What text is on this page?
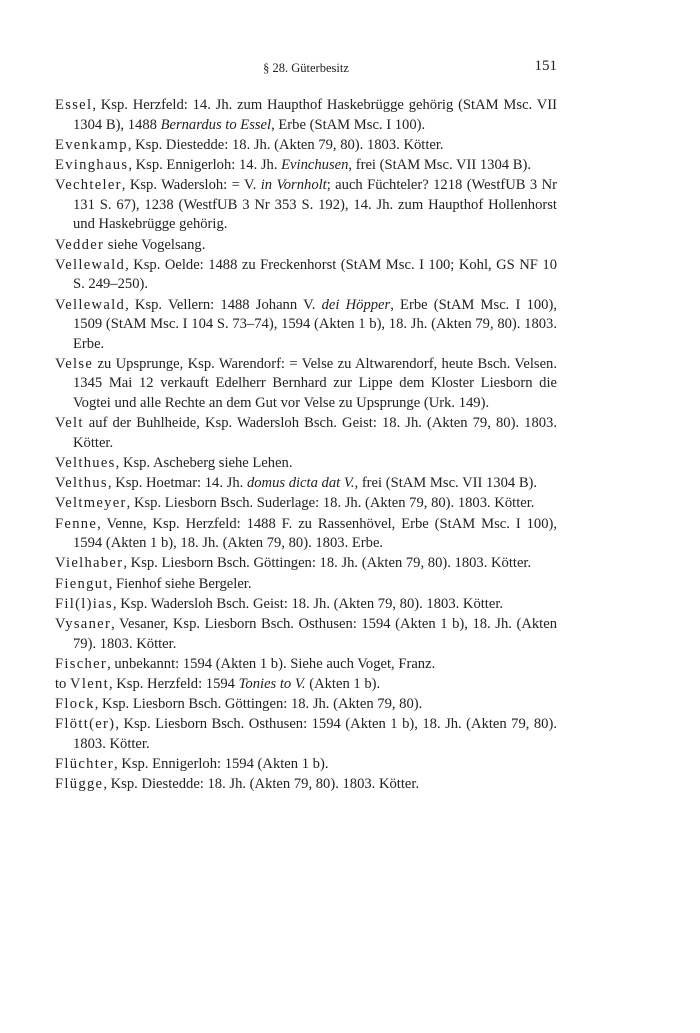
§ 28. Güterbesitz	151

Essel, Ksp. Herzfeld: 14. Jh. zum Haupthof Haskebrügge gehörig (StAM Msc. VII 1304 B), 1488 Bernardus to Essel, Erbe (StAM Msc. I 100).

Evenkamp, Ksp. Diestedde: 18. Jh. (Akten 79, 80). 1803. Kötter.

Evinghaus, Ksp. Ennigerloh: 14. Jh. Evinchusen, frei (StAM Msc. VII 1304 B).

Vechteler, Ksp. Wadersloh: = V. in Vornholt; auch Füchteler? 1218 (WestfUB 3 Nr 131 S. 67), 1238 (WestfUB 3 Nr 353 S. 192), 14. Jh. zum Haupthof Hollenhorst und Haskebrügge gehörig.

Vedder siehe Vogelsang.

Vellewald, Ksp. Oelde: 1488 zu Freckenhorst (StAM Msc. I 100; Kohl, GS NF 10 S. 249–250).

Vellewald, Ksp. Vellern: 1488 Johann V. dei Höpper, Erbe (StAM Msc. I 100), 1509 (StAM Msc. I 104 S. 73–74), 1594 (Akten 1 b), 18. Jh. (Akten 79, 80). 1803. Erbe.

Velse zu Upsprunge, Ksp. Warendorf: = Velse zu Altwarendorf, heute Bsch. Velsen. 1345 Mai 12 verkauft Edelherr Bernhard zur Lippe dem Kloster Liesborn die Vogtei und alle Rechte an dem Gut vor Velse zu Upsprunge (Urk. 149).

Velt auf der Buhlheide, Ksp. Wadersloh Bsch. Geist: 18. Jh. (Akten 79, 80). 1803. Kötter.

Velthues, Ksp. Ascheberg siehe Lehen.

Velthus, Ksp. Hoetmar: 14. Jh. domus dicta dat V., frei (StAM Msc. VII 1304 B).

Veltmeyer, Ksp. Liesborn Bsch. Suderlage: 18. Jh. (Akten 79, 80). 1803. Kötter.

Fenne, Venne, Ksp. Herzfeld: 1488 F. zu Rassenhövel, Erbe (StAM Msc. I 100), 1594 (Akten 1 b), 18. Jh. (Akten 79, 80). 1803. Erbe.

Vielhaber, Ksp. Liesborn Bsch. Göttingen: 18. Jh. (Akten 79, 80). 1803. Kötter.

Fiengut, Fienhof siehe Bergeler.

Fil(l)ias, Ksp. Wadersloh Bsch. Geist: 18. Jh. (Akten 79, 80). 1803. Kötter.

Vysaner, Vesaner, Ksp. Liesborn Bsch. Osthusen: 1594 (Akten 1 b), 18. Jh. (Akten 79). 1803. Kötter.

Fischer, unbekannt: 1594 (Akten 1 b). Siehe auch Voget, Franz.

to Vlent, Ksp. Herzfeld: 1594 Tonies to V. (Akten 1 b).

Flock, Ksp. Liesborn Bsch. Göttingen: 18. Jh. (Akten 79, 80).

Flött(er), Ksp. Liesborn Bsch. Osthusen: 1594 (Akten 1 b), 18. Jh. (Akten 79, 80). 1803. Kötter.

Flüchter, Ksp. Ennigerloh: 1594 (Akten 1 b).

Flügge, Ksp. Diestedde: 18. Jh. (Akten 79, 80). 1803. Kötter.
